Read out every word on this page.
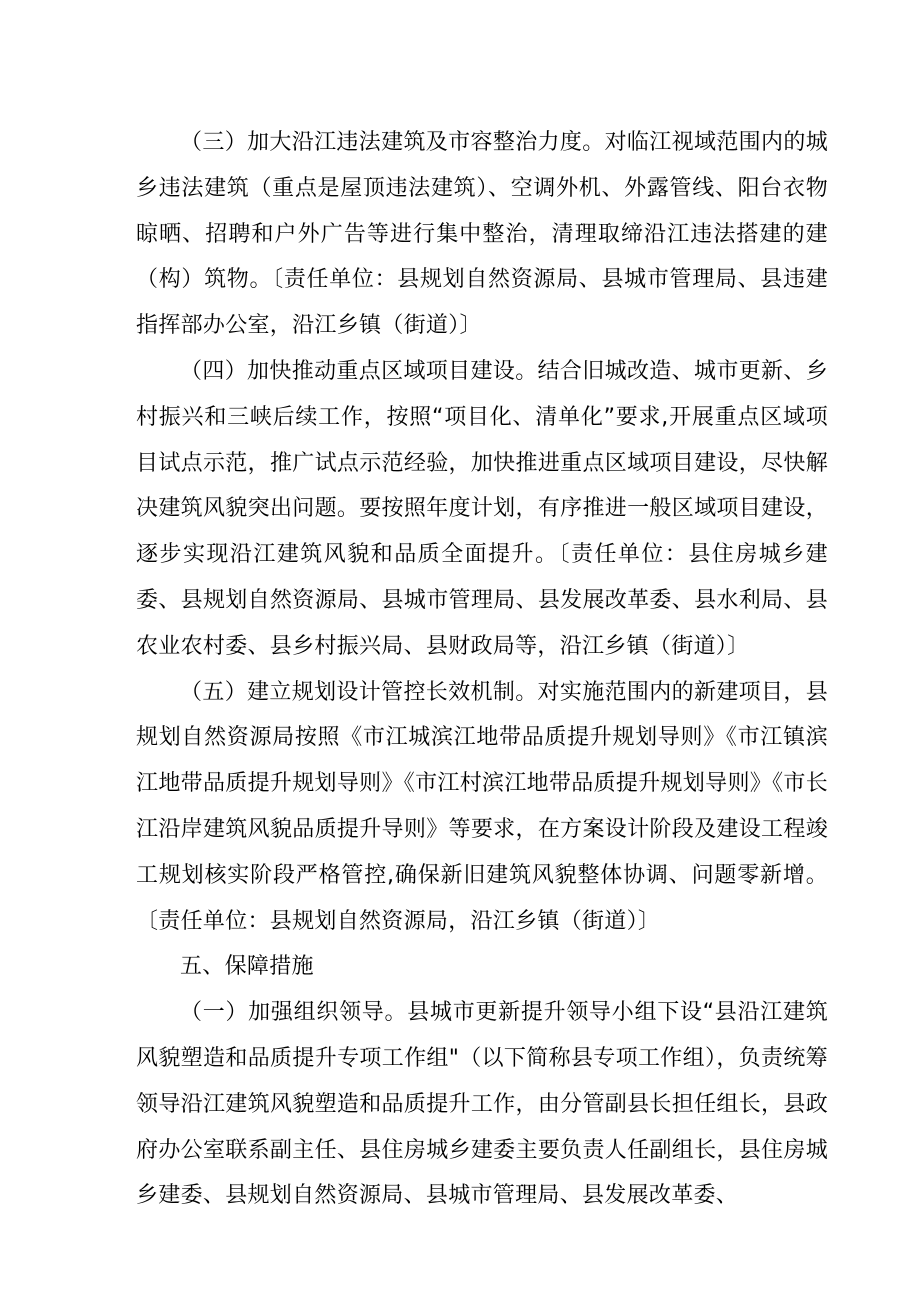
（三）加大沿江违法建筑及市容整治力度。对临江视域范围内的城乡违法建筑（重点是屋顶违法建筑）、空调外机、外露管线、阳台衣物晾晒、招聘和户外广告等进行集中整治，清理取缔沿江违法搭建的建（构）筑物。〔责任单位：县规划自然资源局、县城市管理局、县违建指挥部办公室，沿江乡镇（街道）〕

（四）加快推动重点区域项目建设。结合旧城改造、城市更新、乡村振兴和三峡后续工作，按照“项目化、清单化”要求,开展重点区域项目试点示范，推广试点示范经验，加快推进重点区域项目建设，尽快解决建筑风貌突出问题。要按照年度计划，有序推进一般区域项目建设，逐步实现沿江建筑风貌和品质全面提升。〔责任单位：县住房城乡建委、县规划自然资源局、县城市管理局、县发展改革委、县水利局、县农业农村委、县乡村振兴局、县财政局等，沿江乡镇（街道）〕

（五）建立规划设计管控长效机制。对实施范围内的新建项目，县规划自然资源局按照《市江城滨江地带品质提升规划导则》《市江镇滨江地带品质提升规划导则》《市江村滨江地带品质提升规划导则》《市长江沿岸建筑风貌品质提升导则》等要求，在方案设计阶段及建设工程竣工规划核实阶段严格管控,确保新旧建筑风貌整体协调、问题零新增。〔责任单位：县规划自然资源局，沿江乡镇（街道）〕

五、保障措施

（一）加强组织领导。县城市更新提升领导小组下设“县沿江建筑风貌塑造和品质提升专项工作组"（以下简称县专项工作组），负责统筹领导沿江建筑风貌塑造和品质提升工作，由分管副县长担任组长，县政府办公室联系副主任、县住房城乡建委主要负责人任副组长，县住房城乡建委、县规划自然资源局、县城市管理局、县发展改革委、
